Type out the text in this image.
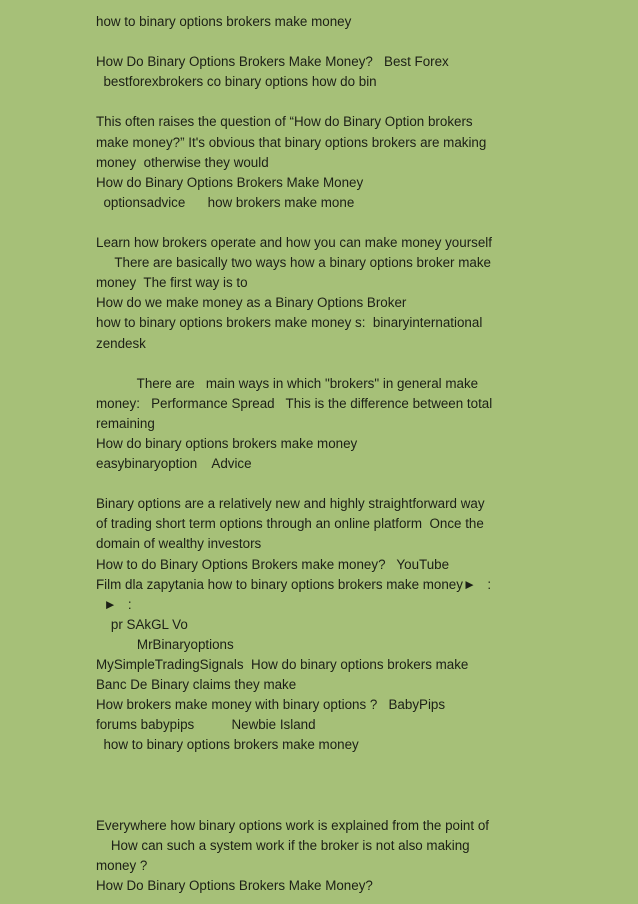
how to binary options brokers make money
How Do Binary Options Brokers Make Money?   Best Forex
bestforexbrokers co binary options how do bin
This often raises the question of “How do Binary Option brokers
make money?” It's obvious that binary options brokers are making
money  otherwise they would
How do Binary Options Brokers Make Money
optionsadvice      how brokers make mone
Learn how brokers operate and how you can make money yourself
There are basically two ways how a binary options broker make
money  The first way is to
How do we make money as a Binary Options Broker
how to binary options brokers make money s:  binaryinternational
zendesk
There are   main ways in which "brokers" in general make
money:   Performance Spread   This is the difference between total
remaining
How do binary options brokers make money
easybinaryoption    Advice
Binary options are a relatively new and highly straightforward way
of trading short term options through an online platform  Once the
domain of wealthy investors
How to do Binary Options Brokers make money?   YouTube
Film dla zapytania how to binary options brokers make money►   :
►   :
pr SAkGL Vo
MrBinaryoptions
MySimpleTradingSignals  How do binary options brokers make
Banc De Binary claims they make
How brokers make money with binary options ?   BabyPips
forums babypips          Newbie Island
how to binary options brokers make money
Everywhere how binary options work is explained from the point of
How can such a system work if the broker is not also making
money ?
How Do Binary Options Brokers Make Money?
